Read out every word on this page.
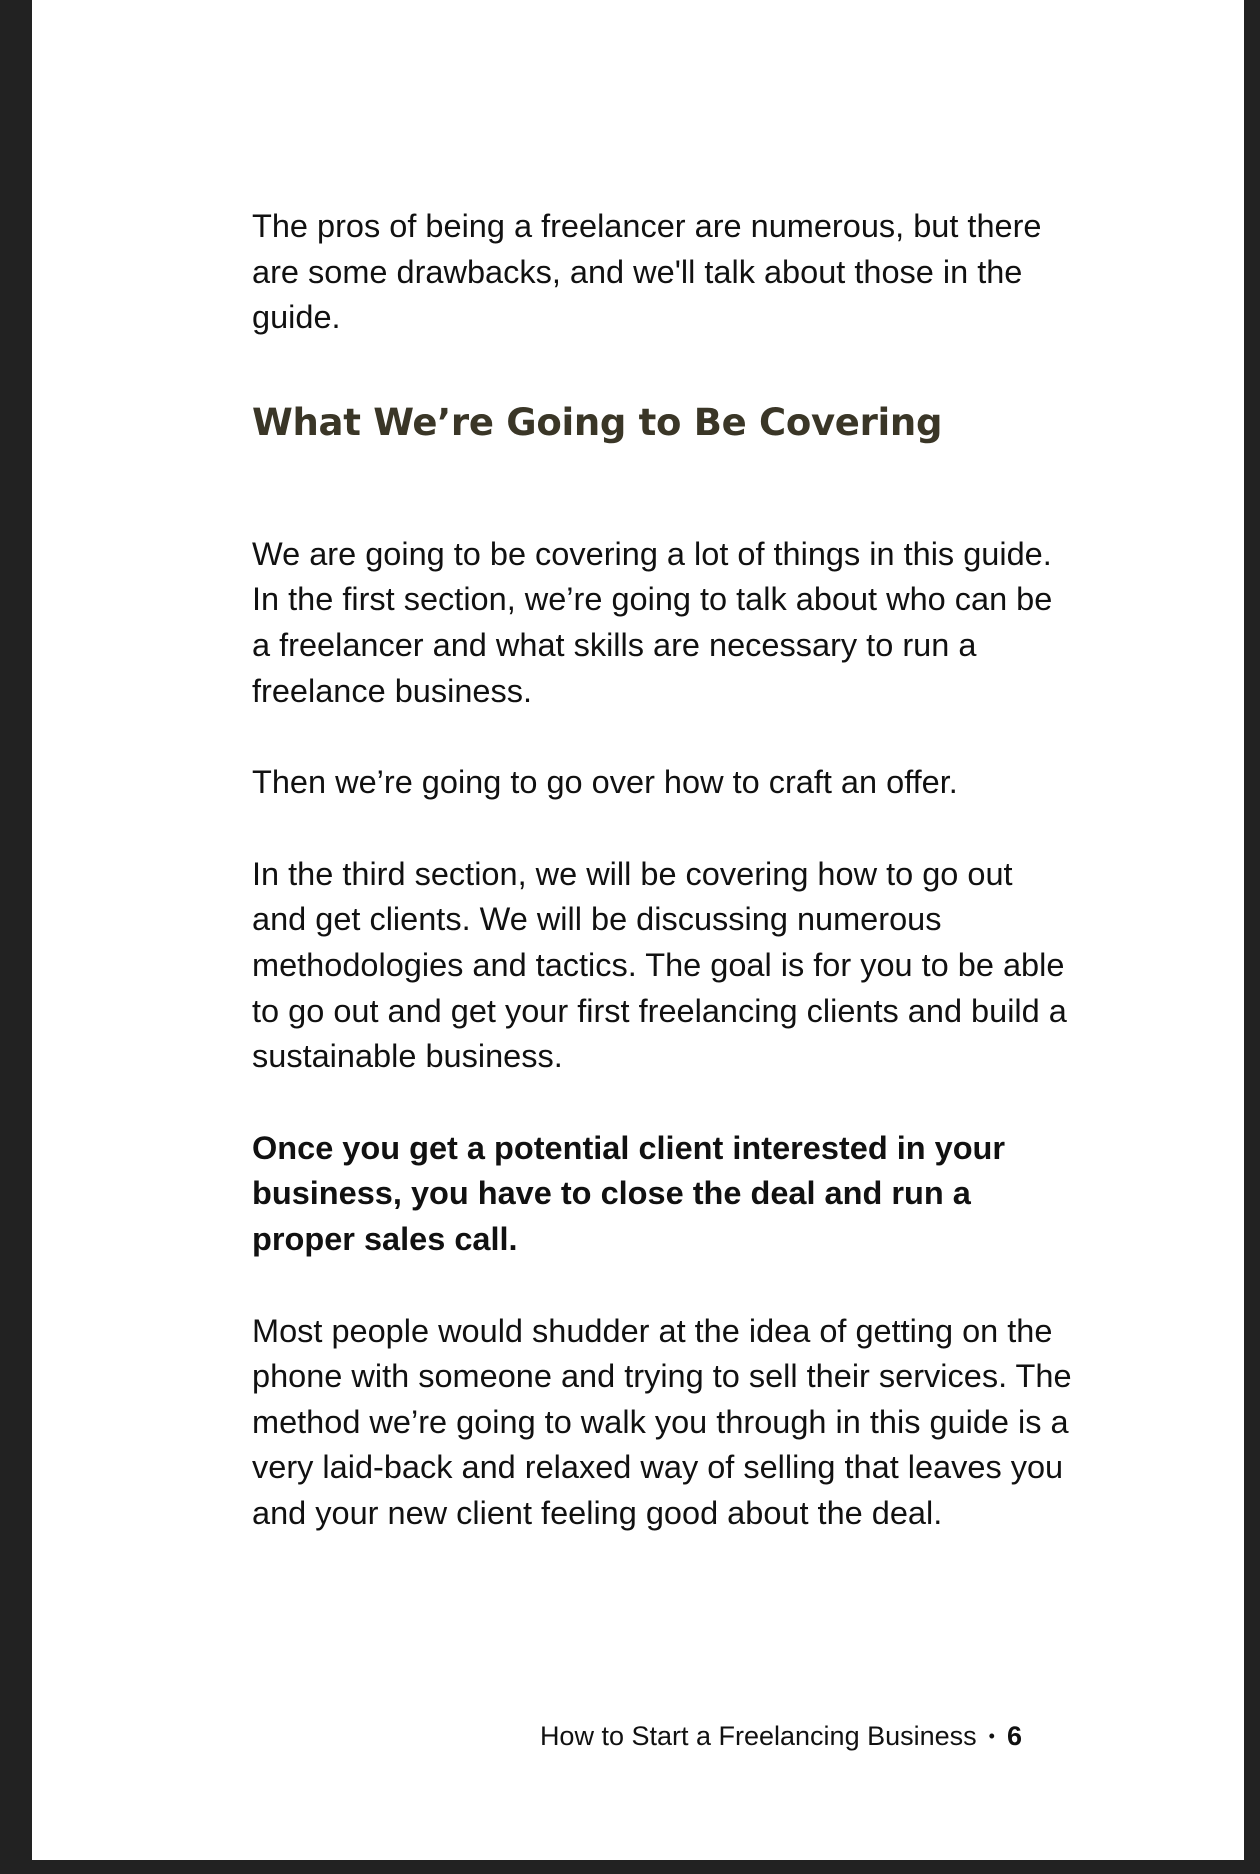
The pros of being a freelancer are numerous, but there are some drawbacks, and we'll talk about those in the guide.

What We’re Going to Be Covering

We are going to be covering a lot of things in this guide. In the first section, we’re going to talk about who can be a freelancer and what skills are necessary to run a freelance business.

Then we’re going to go over how to craft an offer.

In the third section, we will be covering how to go out and get clients. We will be discussing numerous methodologies and tactics. The goal is for you to be able to go out and get your first freelancing clients and build a sustainable business.

Once you get a potential client interested in your business, you have to close the deal and run a proper sales call.

Most people would shudder at the idea of getting on the phone with someone and trying to sell their services. The method we’re going to walk you through in this guide is a very laid-back and relaxed way of selling that leaves you and your new client feeling good about the deal.

How to Start a Freelancing Business • 6
